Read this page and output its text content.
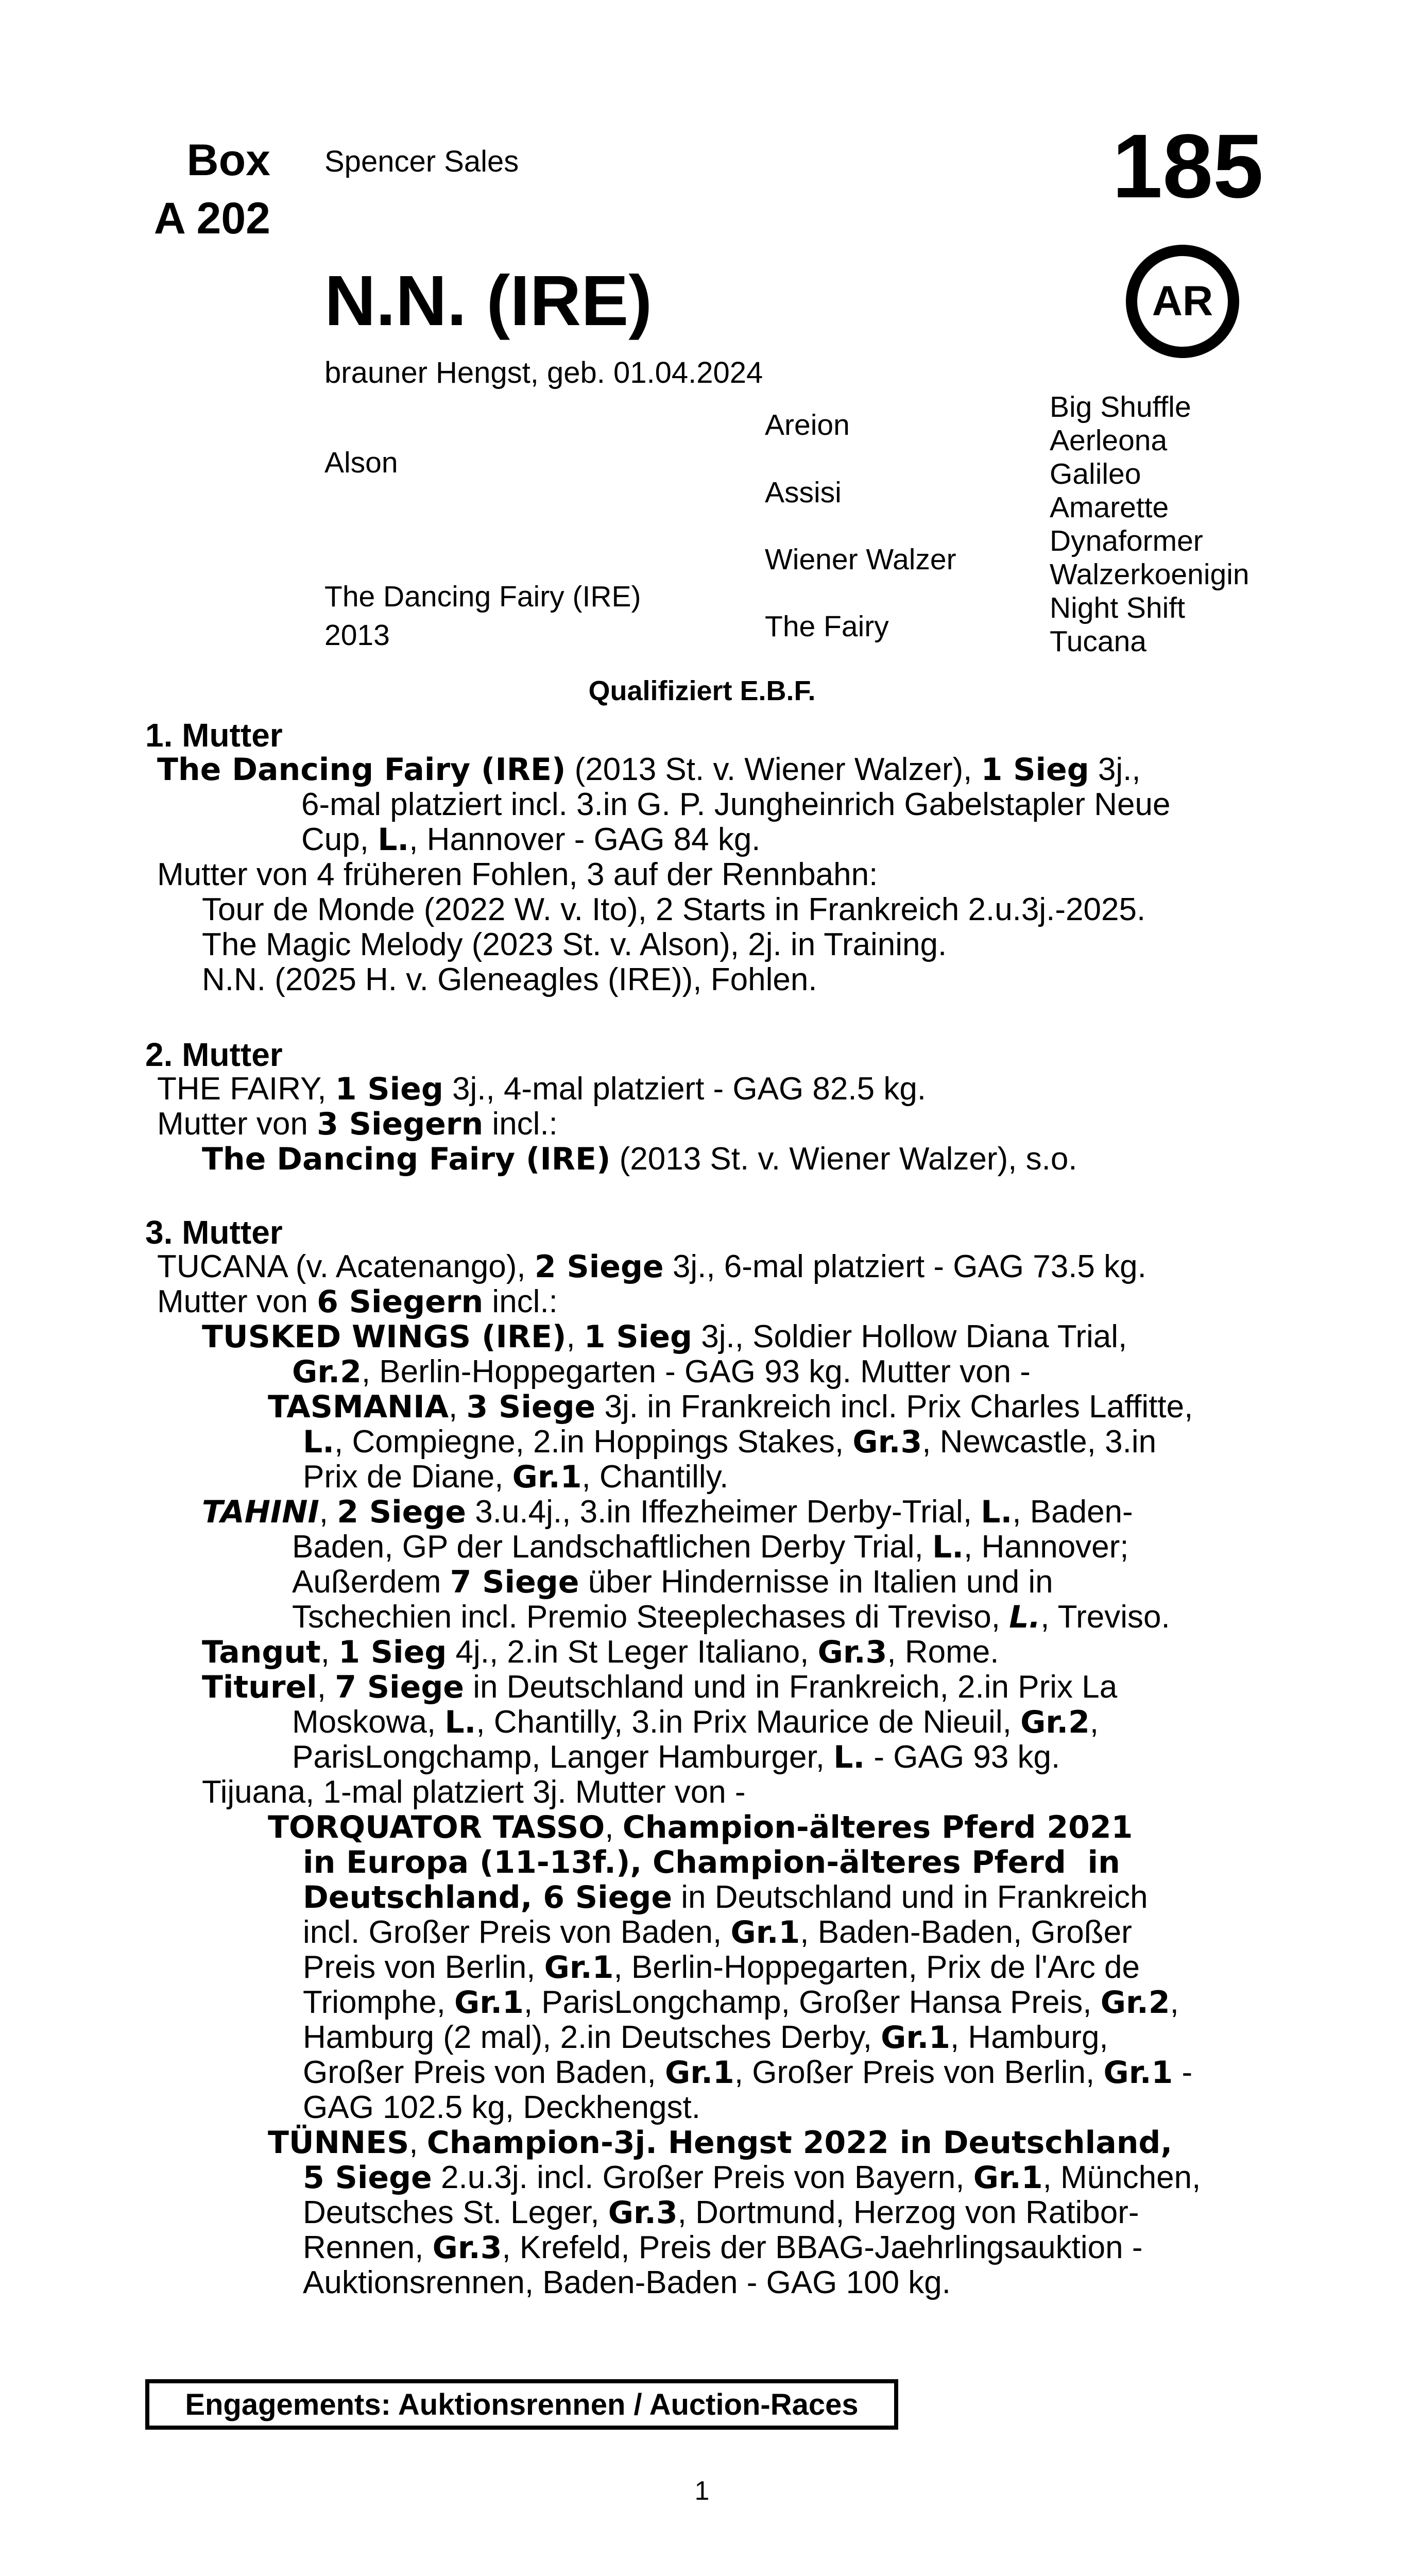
Box
A 202
Spencer Sales	185
AR
N.N. (IRE)
brauner Hengst, geb. 01.04.2024
Alson
The Dancing Fairy (IRE)
2013
Areion
Assisi
Wiener Walzer
The Fairy
Big Shuffle
Aerleona
Galileo
Amarette
Dynaformer
Walzerkoenigin
Night Shift
Tucana
Qualifiziert E.B.F.
1. Mutter
The Dancing Fairy (IRE) (2013 St. v. Wiener Walzer), 1 Sieg 3j.,
6-mal platziert incl. 3.in G. P. Jungheinrich Gabelstapler Neue
Cup, L., Hannover - GAG 84 kg.
Mutter von 4 früheren Fohlen, 3 auf der Rennbahn:
Tour de Monde (2022 W. v. Ito), 2 Starts in Frankreich 2.u.3j.-2025.
The Magic Melody (2023 St. v. Alson), 2j. in Training.
N.N. (2025 H. v. Gleneagles (IRE)), Fohlen.
2. Mutter
THE FAIRY, 1 Sieg 3j., 4-mal platziert - GAG 82.5 kg.
Mutter von 3 Siegern incl.:
The Dancing Fairy (IRE) (2013 St. v. Wiener Walzer), s.o.
3. Mutter
TUCANA (v. Acatenango), 2 Siege 3j., 6-mal platziert - GAG 73.5 kg.
Mutter von 6 Siegern incl.:
TUSKED WINGS (IRE), 1 Sieg 3j., Soldier Hollow Diana Trial,
Gr.2, Berlin-Hoppegarten - GAG 93 kg. Mutter von -
TASMANIA, 3 Siege 3j. in Frankreich incl. Prix Charles Laffitte,
L., Compiegne, 2.in Hoppings Stakes, Gr.3, Newcastle, 3.in
Prix de Diane, Gr.1, Chantilly.
TAHINI, 2 Siege 3.u.4j., 3.in Iffezheimer Derby-Trial, L., Baden-
Baden, GP der Landschaftlichen Derby Trial, L., Hannover;
Außerdem 7 Siege über Hindernisse in Italien und in
Tschechien incl. Premio Steeplechases di Treviso, L., Treviso.
Tangut, 1 Sieg 4j., 2.in St Leger Italiano, Gr.3, Rome.
Titurel, 7 Siege in Deutschland und in Frankreich, 2.in Prix La
Moskowa, L., Chantilly, 3.in Prix Maurice de Nieuil, Gr.2,
ParisLongchamp, Langer Hamburger, L. - GAG 93 kg.
Tijuana, 1-mal platziert 3j. Mutter von -
TORQUATOR TASSO, Champion-älteres Pferd 2021
in Europa (11-13f.), Champion-älteres Pferd  in
Deutschland, 6 Siege in Deutschland und in Frankreich
incl. Großer Preis von Baden, Gr.1, Baden-Baden, Großer
Preis von Berlin, Gr.1, Berlin-Hoppegarten, Prix de l'Arc de
Triomphe, Gr.1, ParisLongchamp, Großer Hansa Preis, Gr.2,
Hamburg (2 mal), 2.in Deutsches Derby, Gr.1, Hamburg,
Großer Preis von Baden, Gr.1, Großer Preis von Berlin, Gr.1 -
GAG 102.5 kg, Deckhengst.
TÜNNES, Champion-3j. Hengst 2022 in Deutschland,
5 Siege 2.u.3j. incl. Großer Preis von Bayern, Gr.1, München,
Deutsches St. Leger, Gr.3, Dortmund, Herzog von Ratibor-
Rennen, Gr.3, Krefeld, Preis der BBAG-Jaehrlingsauktion -
Auktionsrennen, Baden-Baden - GAG 100 kg.
Engagements: Auktionsrennen / Auction-Races
1
